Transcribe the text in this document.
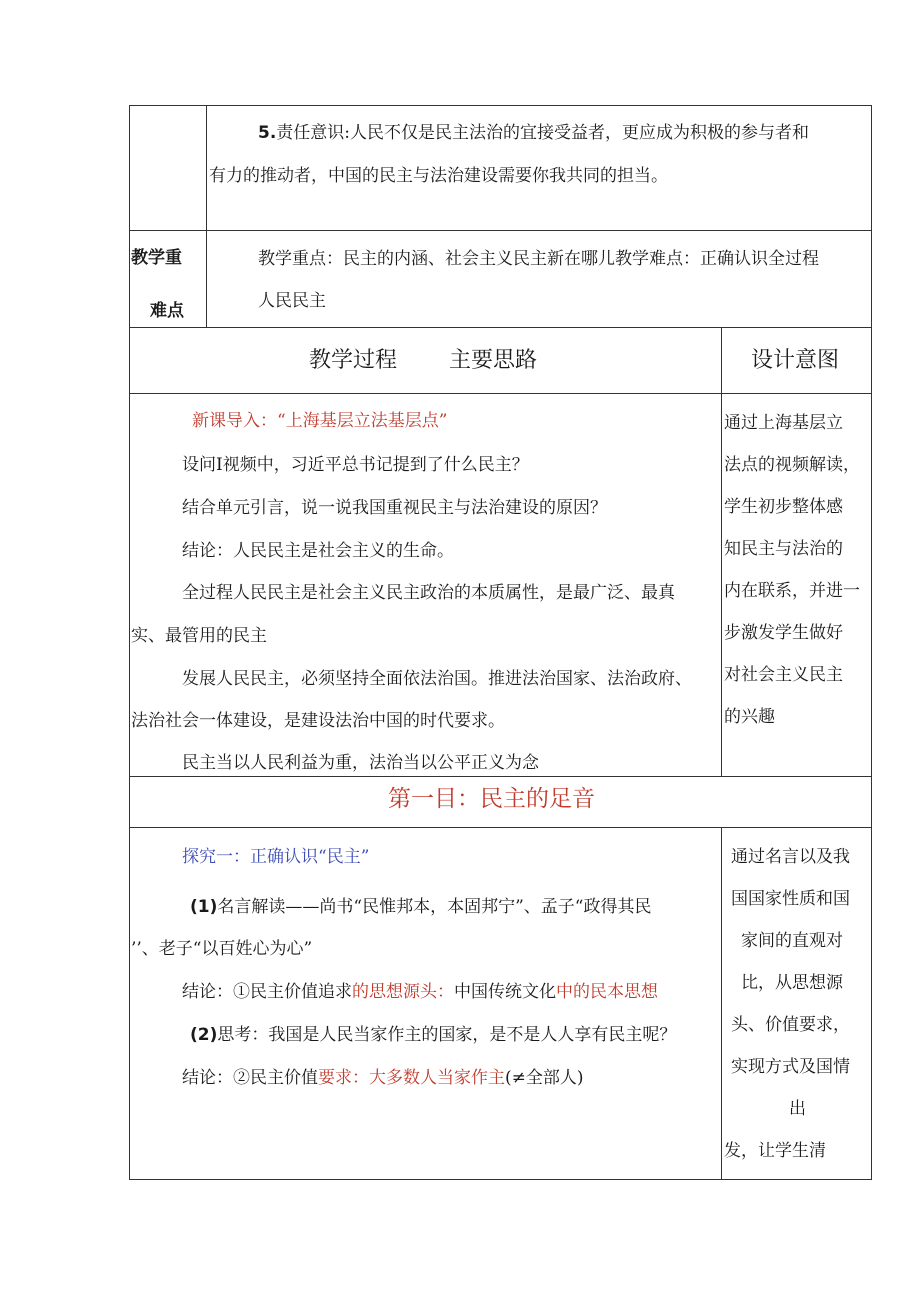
5.责任意识:人民不仅是民主法治的宜接受益者，更应成为积极的参与者和
有力的推动者，中国的民主与法治建设需要你我共同的担当。
教学重
难点
教学重点：民主的内涵、社会主义民主新在哪儿教学难点：正确认识全过程
人民民主
教学过程 主要思路	设计意图
新课导入：“上海基层立法基层点”
设问I视频中，习近平总书记提到了什么民主？
结合单元引言，说一说我国重视民主与法治建设的原因？
结论：人民民主是社会主义的生命。
全过程人民民主是社会主义民主政治的本质属性，是最广泛、最真
实、最管用的民主
发展人民民主，必须坚持全面依法治国。推进法治国家、法治政府、
法治社会一体建设，是建设法治中国的时代要求。
民主当以人民利益为重，法治当以公平正义为念
通过上海基层立
法点的视频解读，
学生初步整体感
知民主与法治的
内在联系，并进一
步激发学生做好
对社会主义民主
的兴趣
第一目：民主的足音
探究一：正确认识“民主”
(1)名言解读——尚书“民惟邦本，本固邦宁”、孟子“政得其民
’’、老子“以百姓心为心”
结论：①民主价值追求的思想源头：中国传统文化中的民本思想
(2)思考：我国是人民当家作主的国家，是不是人人享有民主呢？
结论：②民主价值要求：大多数人当家作主(≠全部人)
通过名言以及我
国国家性质和国
家间的直观对
比，从思想源
头、价值要求，
实现方式及国情
出
发，让学生清
